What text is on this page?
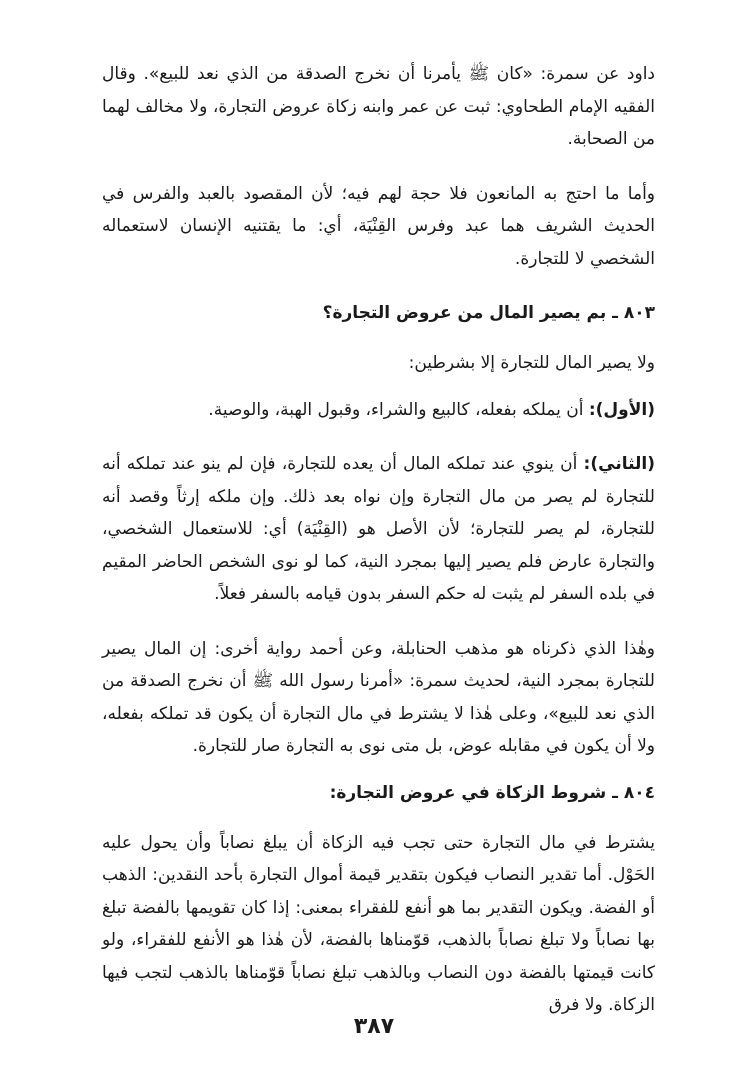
داود عن سمرة: «كان ﷺ يأمرنا أن نخرج الصدقة من الذي نعد للبيع». وقال الفقيه الإمام الطحاوي: ثبت عن عمر وابنه زكاة عروض التجارة، ولا مخالف لهما من الصحابة.

وأما ما احتج به المانعون فلا حجة لهم فيه؛ لأن المقصود بالعبد والفرس في الحديث الشريف هما عبد وفرس القِنْيَة، أي: ما يقتنيه الإنسان لاستعماله الشخصي لا للتجارة.

٨٠٣ ـ بم يصير المال من عروض التجارة؟

ولا يصير المال للتجارة إلا بشرطين:

(الأول): أن يملكه بفعله، كالبيع والشراء، وقبول الهبة، والوصية.

(الثاني): أن ينوي عند تملكه المال أن يعده للتجارة، فإن لم ينو عند تملكه أنه للتجارة لم يصر من مال التجارة وإن نواه بعد ذلك. وإن ملكه إرثاً وقصد أنه للتجارة، لم يصر للتجارة؛ لأن الأصل هو (القِنْيَة) أي: للاستعمال الشخصي، والتجارة عارض فلم يصير إليها بمجرد النية، كما لو نوى الشخص الحاضر المقيم في بلده السفر لم يثبت له حكم السفر بدون قيامه بالسفر فعلاً.

وهٰذا الذي ذكرناه هو مذهب الحنابلة، وعن أحمد رواية أخرى: إن المال يصير للتجارة بمجرد النية، لحديث سمرة: «أمرنا رسول الله ﷺ أن نخرج الصدقة من الذي نعد للبيع»، وعلى هٰذا لا يشترط في مال التجارة أن يكون قد تملكه بفعله، ولا أن يكون في مقابله عوض، بل متى نوى به التجارة صار للتجارة.

٨٠٤ ـ شروط الزكاة في عروض التجارة:

يشترط في مال التجارة حتى تجب فيه الزكاة أن يبلغ نصاباً وأن يحول عليه الحَوْل. أما تقدير النصاب فيكون بتقدير قيمة أموال التجارة بأحد النقدين: الذهب أو الفضة. ويكون التقدير بما هو أنفع للفقراء بمعنى: إذا كان تقويمها بالفضة تبلغ بها نصاباً ولا تبلغ نصاباً بالذهب، قوّمناها بالفضة، لأن هٰذا هو الأنفع للفقراء، ولو كانت قيمتها بالفضة دون النصاب وبالذهب تبلغ نصاباً قوّمناها بالذهب لتجب فيها الزكاة. ولا فرق

٣٨٧
